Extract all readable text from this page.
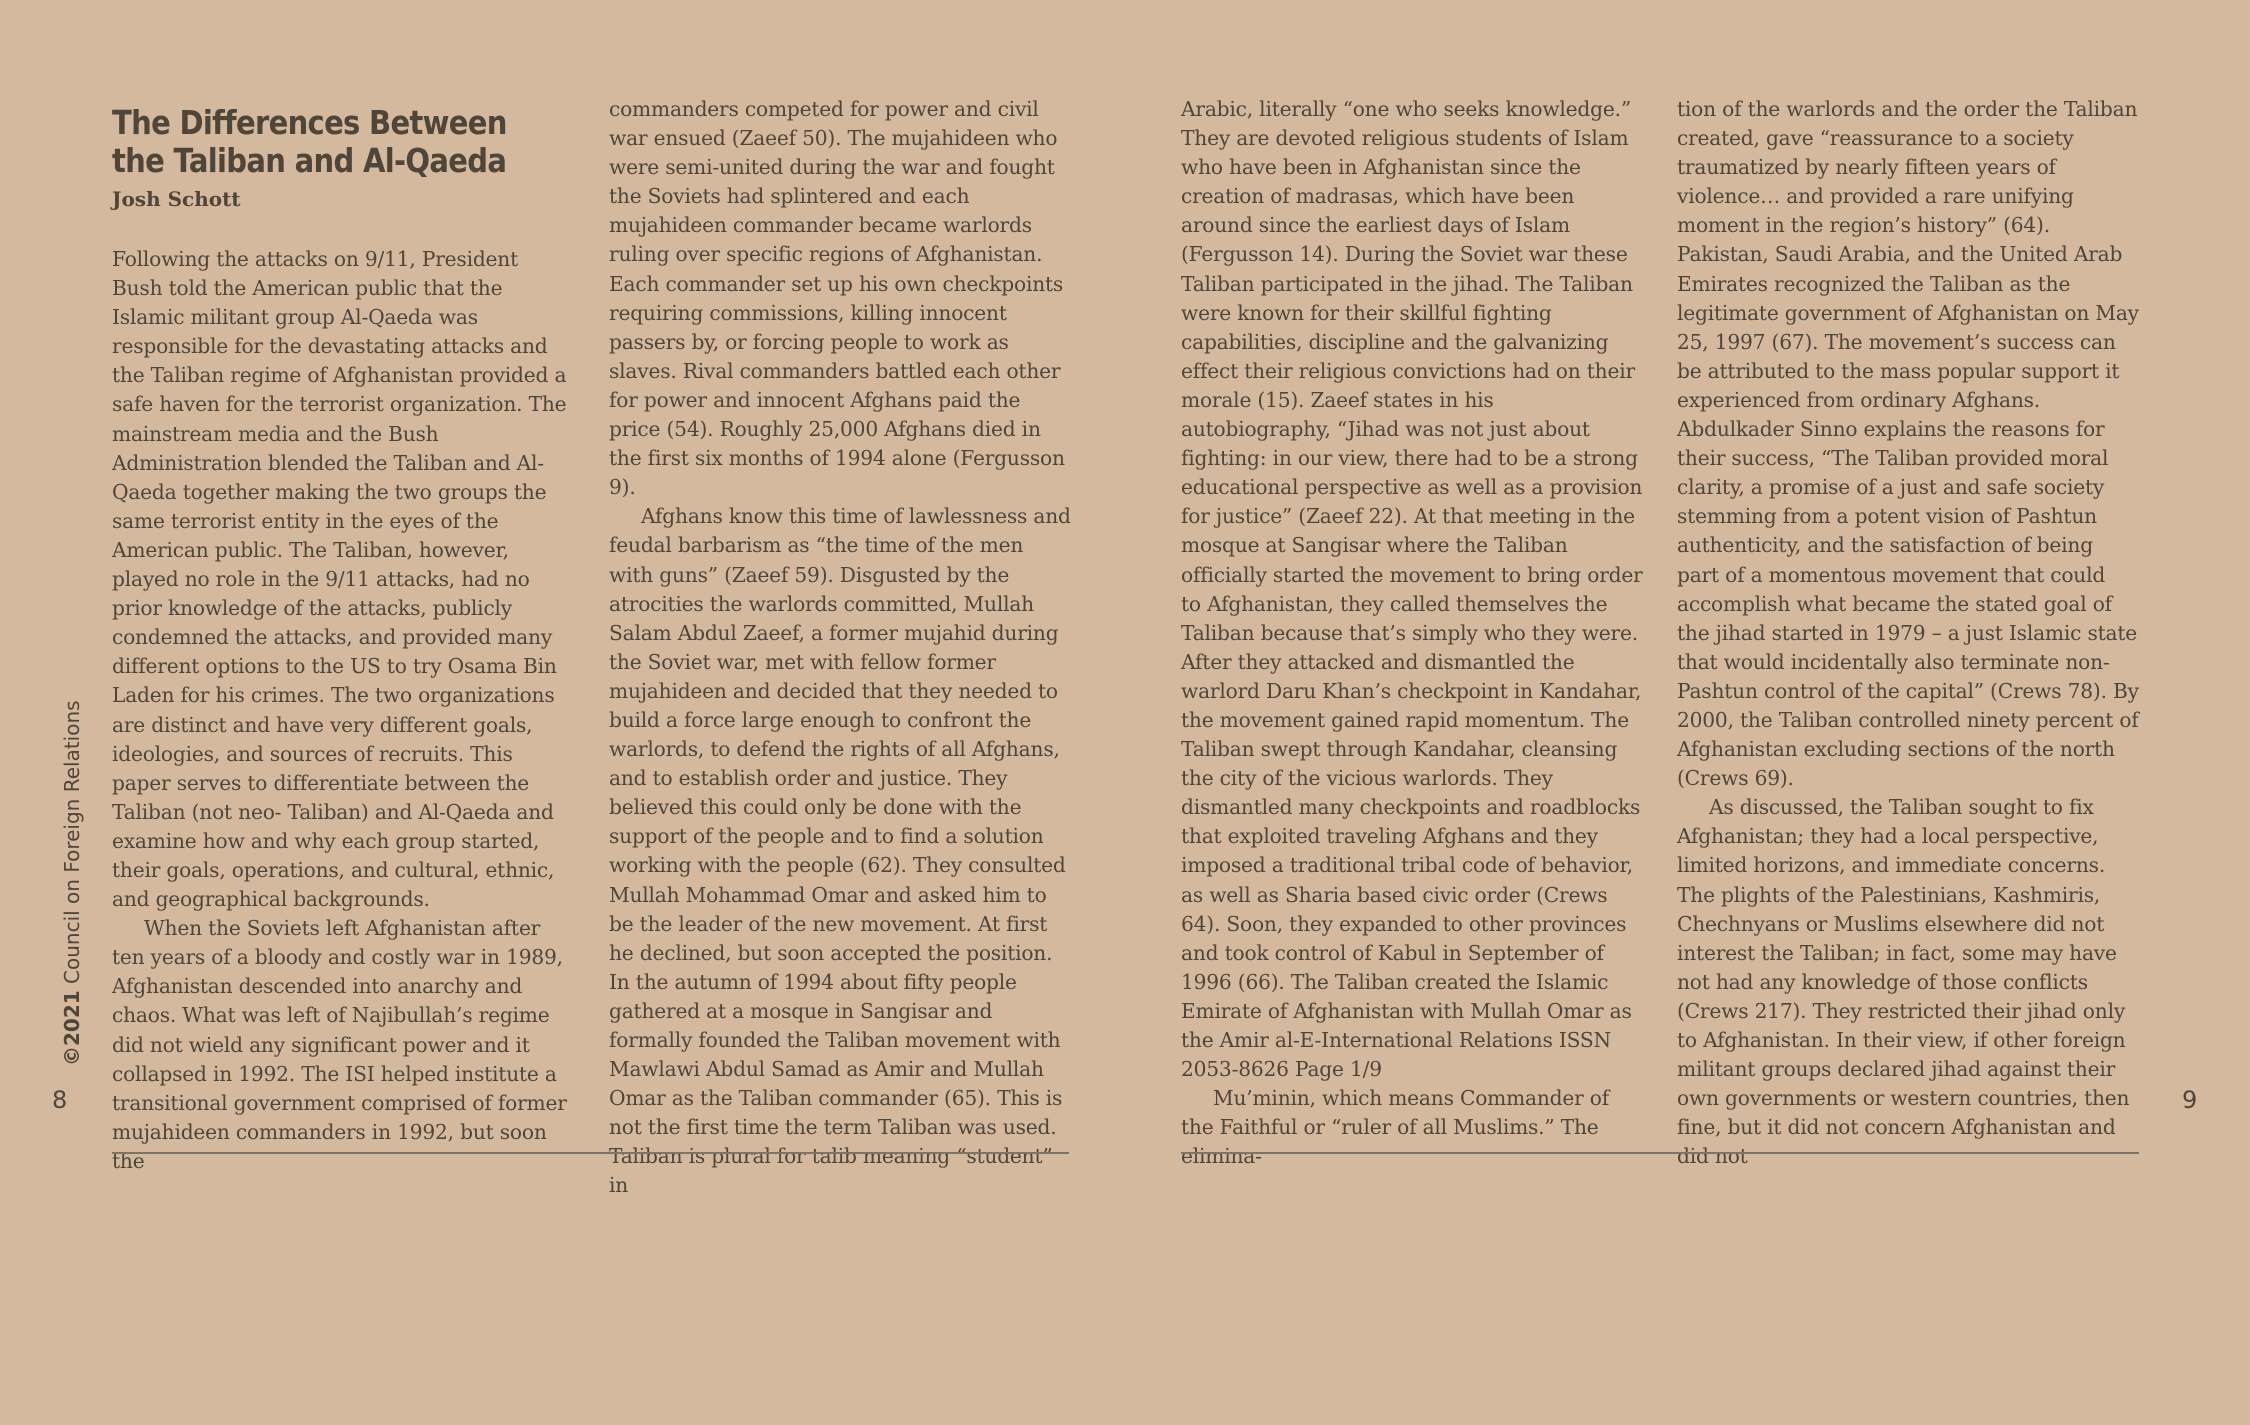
©2021 Council on Foreign Relations
The Differences Between the Taliban and Al-Qaeda
Josh Schott

Following the attacks on 9/11, President Bush told the American public that the Islamic militant group Al-Qaeda was responsible for the devastating attacks and the Taliban regime of Afghanistan provided a safe haven for the terrorist organization. The mainstream media and the Bush Administration blended the Taliban and Al-Qaeda together making the two groups the same terrorist entity in the eyes of the American public. The Taliban, however, played no role in the 9/11 attacks, had no prior knowledge of the attacks, publicly condemned the attacks, and provided many different options to the US to try Osama Bin Laden for his crimes. The two organizations are distinct and have very different goals, ideologies, and sources of recruits. This paper serves to differentiate between the Taliban (not neo- Taliban) and Al-Qaeda and examine how and why each group started, their goals, operations, and cultural, ethnic, and geographical backgrounds.

When the Soviets left Afghanistan after ten years of a bloody and costly war in 1989, Afghanistan descended into anarchy and chaos. What was left of Najibullah’s regime did not wield any significant power and it collapsed in 1992. The ISI helped institute a transitional government comprised of former mujahideen commanders in 1992, but soon the

commanders competed for power and civil war ensued (Zaeef 50). The mujahideen who were semi-united during the war and fought the Soviets had splintered and each mujahideen commander became warlords ruling over specific regions of Afghanistan. Each commander set up his own checkpoints requiring commissions, killing innocent passers by, or forcing people to work as slaves. Rival commanders battled each other for power and innocent Afghans paid the price (54). Roughly 25,000 Afghans died in the first six months of 1994 alone (Fergusson 9).

Afghans know this time of lawlessness and feudal barbarism as “the time of the men with guns” (Zaeef 59). Disgusted by the atrocities the warlords committed, Mullah Salam Abdul Zaeef, a former mujahid during the Soviet war, met with fellow former mujahideen and decided that they needed to build a force large enough to confront the warlords, to defend the rights of all Afghans, and to establish order and justice. They believed this could only be done with the support of the people and to find a solution working with the people (62). They consulted Mullah Mohammad Omar and asked him to be the leader of the new movement. At first he declined, but soon accepted the position. In the autumn of 1994 about fifty people gathered at a mosque in Sangisar and formally founded the Taliban movement with Mawlawi Abdul Samad as Amir and Mullah Omar as the Taliban commander (65). This is not the first time the term Taliban was used. Taliban is plural for talib meaning “student” in

Arabic, literally “one who seeks knowledge.” They are devoted religious students of Islam who have been in Afghanistan since the creation of madrasas, which have been around since the earliest days of Islam (Fergusson 14). During the Soviet war these Taliban participated in the jihad. The Taliban were known for their skillful fighting capabilities, discipline and the galvanizing effect their religious convictions had on their morale (15). Zaeef states in his autobiography, “Jihad was not just about fighting: in our view, there had to be a strong educational perspective as well as a provision for justice” (Zaeef 22). At that meeting in the mosque at Sangisar where the Taliban officially started the movement to bring order to Afghanistan, they called themselves the Taliban because that’s simply who they were. After they attacked and dismantled the warlord Daru Khan’s checkpoint in Kandahar, the movement gained rapid momentum. The Taliban swept through Kandahar, cleansing the city of the vicious warlords. They dismantled many checkpoints and roadblocks that exploited traveling Afghans and they imposed a traditional tribal code of behavior, as well as Sharia based civic order (Crews 64). Soon, they expanded to other provinces and took control of Kabul in September of 1996 (66). The Taliban created the Islamic Emirate of Afghanistan with Mullah Omar as the Amir al-E-International Relations ISSN 2053-8626 Page 1/9

Mu’minin, which means Commander of the Faithful or “ruler of all Muslims.” The elimina-

tion of the warlords and the order the Taliban created, gave “reassurance to a society traumatized by nearly fifteen years of violence… and provided a rare unifying moment in the region’s history” (64). Pakistan, Saudi Arabia, and the United Arab Emirates recognized the Taliban as the legitimate government of Afghanistan on May 25, 1997 (67). The movement’s success can be attributed to the mass popular support it experienced from ordinary Afghans. Abdulkader Sinno explains the reasons for their success, “The Taliban provided moral clarity, a promise of a just and safe society stemming from a potent vision of Pashtun authenticity, and the satisfaction of being part of a momentous movement that could accomplish what became the stated goal of the jihad started in 1979 – a just Islamic state that would incidentally also terminate non-Pashtun control of the capital” (Crews 78). By 2000, the Taliban controlled ninety percent of Afghanistan excluding sections of the north (Crews 69).

As discussed, the Taliban sought to fix Afghanistan; they had a local perspective, limited horizons, and immediate concerns. The plights of the Palestinians, Kashmiris, Chechnyans or Muslims elsewhere did not interest the Taliban; in fact, some may have not had any knowledge of those conflicts (Crews 217). They restricted their jihad only to Afghanistan. In their view, if other foreign militant groups declared jihad against their own governments or western countries, then fine, but it did not concern Afghanistan and did not

8	9
